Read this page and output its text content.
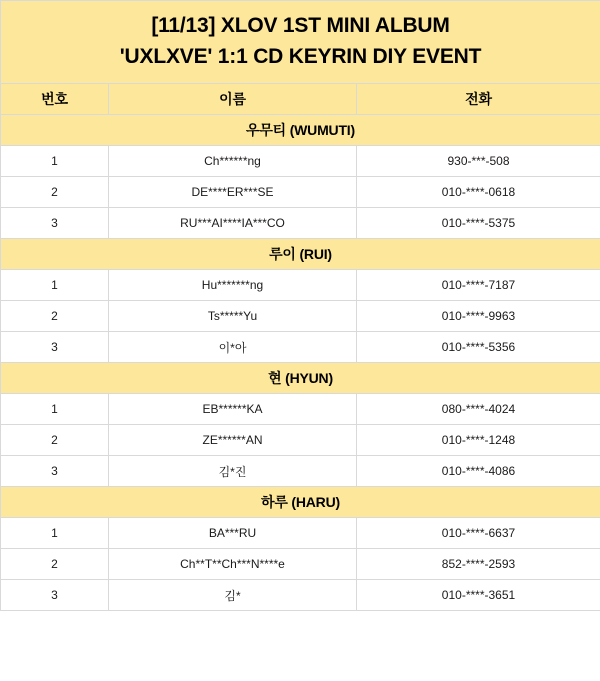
[11/13] XLOV 1ST MINI ALBUM
'UXLXVE' 1:1 CD KEYRIN DIY EVENT		

번호	이름	전화
우무티 (WUMUTI)		
1	Ch******ng	930-***-508
2	DE****ER***SE	010-****-0618
3	RU***AI****IA***CO	010-****-5375
루이 (RUI)		
1	Hu*******ng	010-****-7187
2	Ts*****Yu	010-****-9963
3	이*아	010-****-5356
현 (HYUN)		
1	EB******KA	080-****-4024
2	ZE******AN	010-****-1248
3	김*진	010-****-4086
하루 (HARU)		
1	BA***RU	010-****-6637
2	Ch**T**Ch***N****e	852-****-2593
3	김*	010-****-3651
